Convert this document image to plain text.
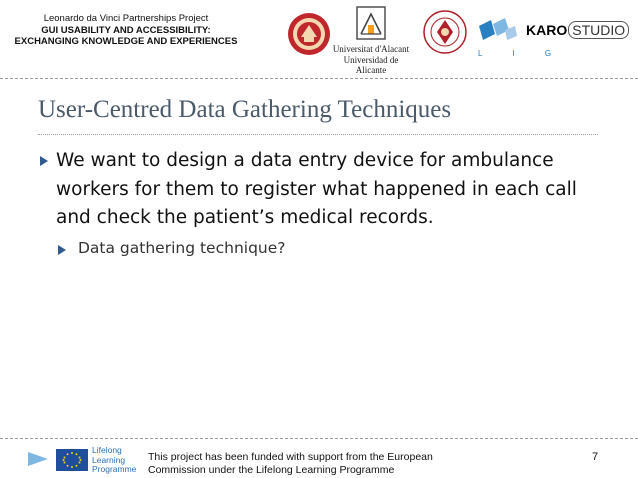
Leonardo da Vinci Partnerships Project
GUI USABILITY AND ACCESSIBILITY:
EXCHANGING KNOWLEDGE AND EXPERIENCES
Universitat d'Alacant
Universidad de Alicante
L I G
KARO STUDIO
User-Centred Data Gathering Techniques

We want to design a data entry device for ambulance workers for them to register what happened in each call and check the patient’s medical records.

Data gathering technique?

Lifelong
Learning
Programme
This project has been funded with support from the European
Commission under the Lifelong Learning Programme
7
